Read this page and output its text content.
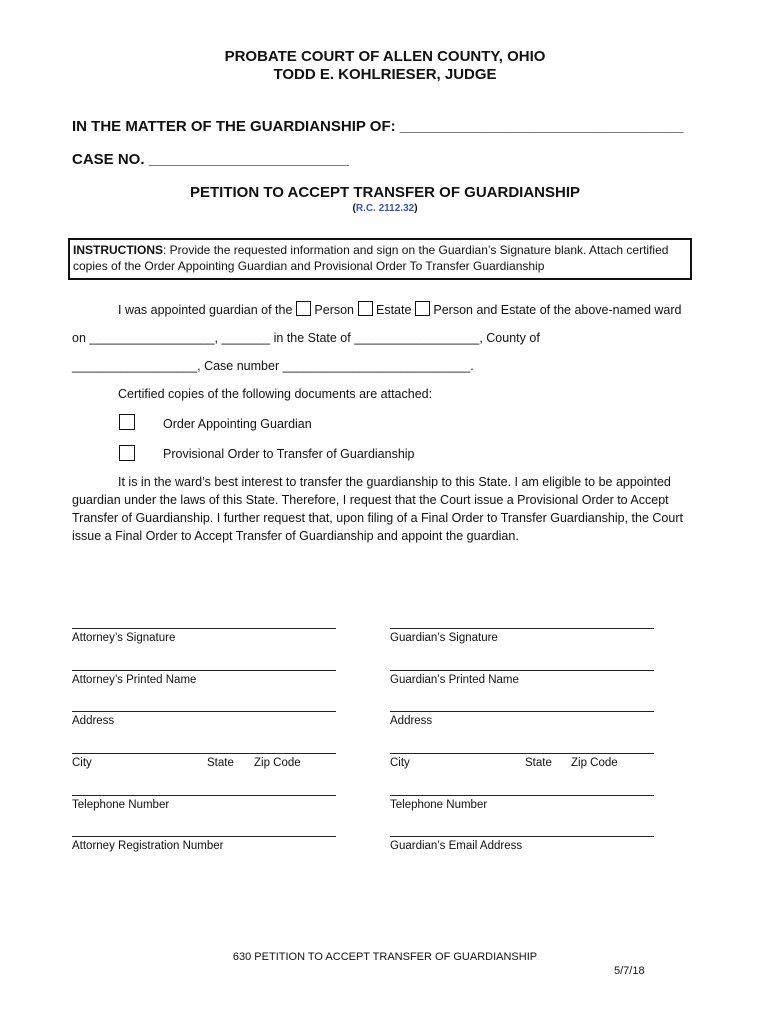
PROBATE COURT OF ALLEN COUNTY, OHIO
TODD E. KOHLRIESER, JUDGE
IN THE MATTER OF THE GUARDIANSHIP OF: __________________________________
CASE NO. ________________________
PETITION TO ACCEPT TRANSFER OF GUARDIANSHIP
(R.C. 2112.32)
INSTRUCTIONS: Provide the requested information and sign on the Guardian’s Signature blank. Attach certified copies of the Order Appointing Guardian and Provisional Order To Transfer Guardianship
I was appointed guardian of the Person Estate Person and Estate of the above-named ward
on __________________, _______ in the State of __________________, County of
__________________, Case number ___________________________.
Certified copies of the following documents are attached:
Order Appointing Guardian
Provisional Order to Transfer of Guardianship
It is in the ward’s best interest to transfer the guardianship to this State. I am eligible to be appointed guardian under the laws of this State. Therefore, I request that the Court issue a Provisional Order to Accept Transfer of Guardianship. I further request that, upon filing of a Final Order to Transfer Guardianship, the Court issue a Final Order to Accept Transfer of Guardianship and appoint the guardian.
Attorney’s Signature
Attorney’s Printed Name
Address
City	State Zip Code
Telephone Number
Attorney Registration Number
Guardian’s Signature
Guardian’s Printed Name
Address
City	State Zip Code
Telephone Number
Guardian’s Email Address
630 PETITION TO ACCEPT TRANSFER OF GUARDIANSHIP
5/7/18
